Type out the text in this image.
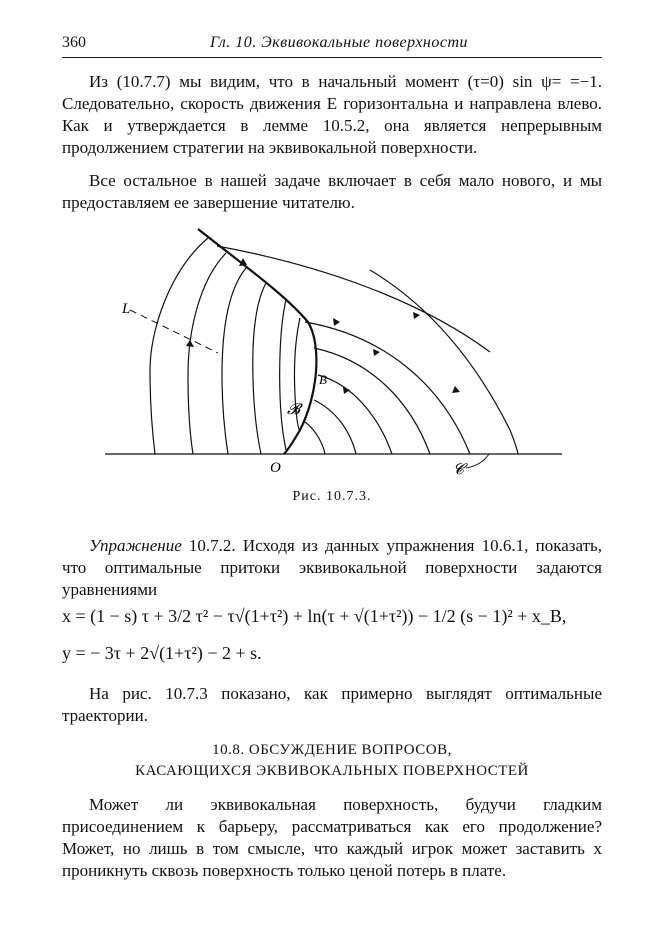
360	Гл. 10. Эквивокальные поверхности
Из (10.7.7) мы видим, что в начальный момент (τ=0) sin ψ= =−1. Следовательно, скорость движения E горизонтальна и направлена влево. Как и утверждается в лемме 10.5.2, она является непрерывным продолжением стратегии на эквивокальной поверхности.
Все остальное в нашей задаче включает в себя мало нового, и мы предоставляем ее завершение читателю.
L
B
𝓑
O	𝓒
Рис. 10.7.3.
Упражнение 10.7.2. Исходя из данных упражнения 10.6.1, показать, что оптимальные притоки эквивокальной поверхности задаются уравнениями
x = (1 − s) τ + 3/2 τ² − τ√(1+τ²) + ln(τ + √(1+τ²)) − 1/2 (s − 1)² + x_B,
y = − 3τ + 2√(1+τ²) − 2 + s.
На рис. 10.7.3 показано, как примерно выглядят оптимальные траектории.
10.8. ОБСУЖДЕНИЕ ВОПРОСОВ,
КАСАЮЩИХСЯ ЭКВИВОКАЛЬНЫХ ПОВЕРХНОСТЕЙ
Может ли эквивокальная поверхность, будучи гладким присоединением к барьеру, рассматриваться как его продолжение? Может, но лишь в том смысле, что каждый игрок может заставить x проникнуть сквозь поверхность только ценой потерь в плате.
